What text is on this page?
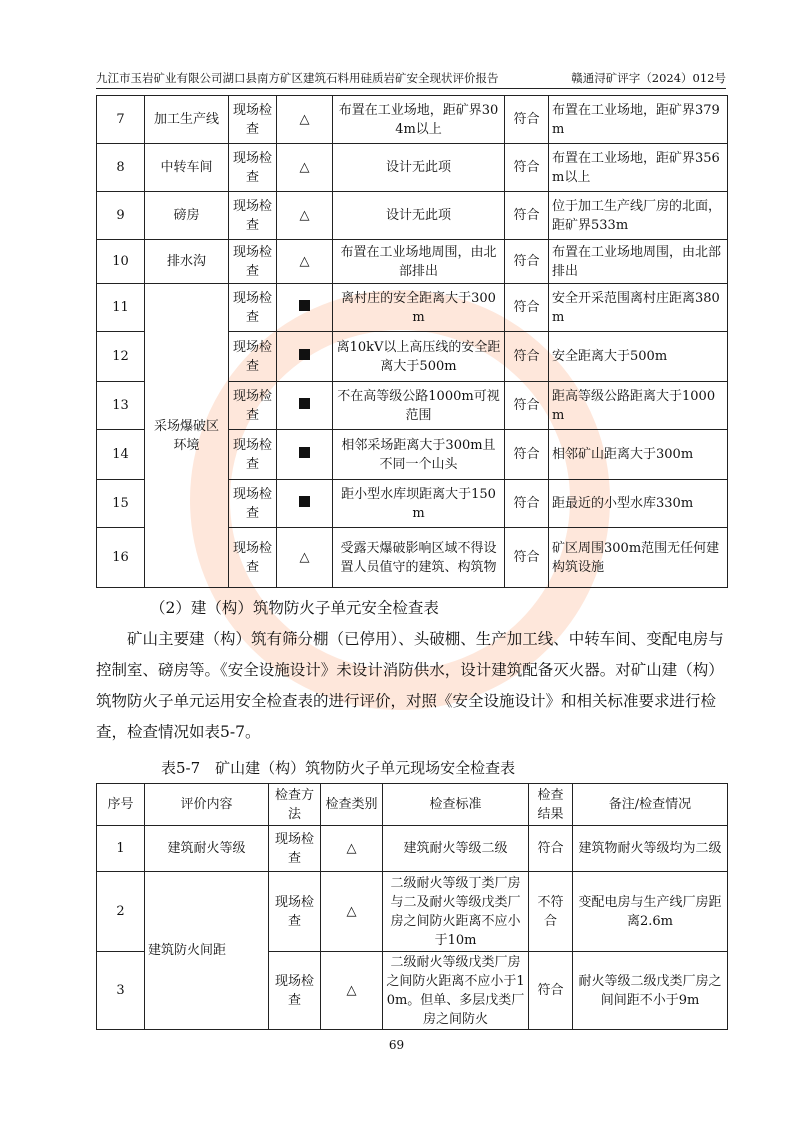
九江市玉岩矿业有限公司湖口县南方矿区建筑石料用硅质岩矿安全现状评价报告	赣通浔矿评字（2024）012号
7	加工生产线	现场检查	△	布置在工业场地，距矿界304m以上	符合	布置在工业场地，距矿界379m
8	中转车间	现场检查	△	设计无此项	符合	布置在工业场地，距矿界356m以上
9	磅房	现场检查	△	设计无此项	符合	位于加工生产线厂房的北面，距矿界533m
10	排水沟	现场检查	△	布置在工业场地周围，由北部排出	符合	布置在工业场地周围，由北部排出
11	采场爆破区环境	现场检查		离村庄的安全距离大于300m	符合	安全开采范围离村庄距离380m
12		现场检查		离10kV以上高压线的安全距离大于500m	符合	安全距离大于500m
13		现场检查		不在高等级公路1000m可视范围	符合	距高等级公路距离大于1000m
14		现场检查		相邻采场距离大于300m且不同一个山头	符合	相邻矿山距离大于300m
15		现场检查		距小型水库坝距离大于150m	符合	距最近的小型水库330m
16		现场检查	△	受露天爆破影响区域不得设置人员值守的建筑、构筑物	符合	矿区周围300m范围无任何建构筑设施
（2）建（构）筑物防火子单元安全检查表
矿山主要建（构）筑有筛分棚（已停用）、头破棚、生产加工线、中转车间、变配电房与控制室、磅房等。《安全设施设计》未设计消防供水，设计建筑配备灭火器。对矿山建（构）筑物防火子单元运用安全检查表的进行评价，对照《安全设施设计》和相关标准要求进行检查，检查情况如表5-7。
表5-7　矿山建（构）筑物防火子单元现场安全检查表
序号	评价内容	检查方法	检查类别	检查标准	检查结果	备注/检查情况
1	建筑耐火等级	现场检查	△	建筑耐火等级二级	符合	建筑物耐火等级均为二级
2	建筑防火间距	现场检查	△	二级耐火等级丁类厂房与二及耐火等级戊类厂房之间防火距离不应小于10m	不符合	变配电房与生产线厂房距离2.6m
3		现场检查	△	二级耐火等级戊类厂房之间防火距离不应小于10m。但单、多层戊类厂房之间防火	符合	耐火等级二级戊类厂房之间间距不小于9m
69
